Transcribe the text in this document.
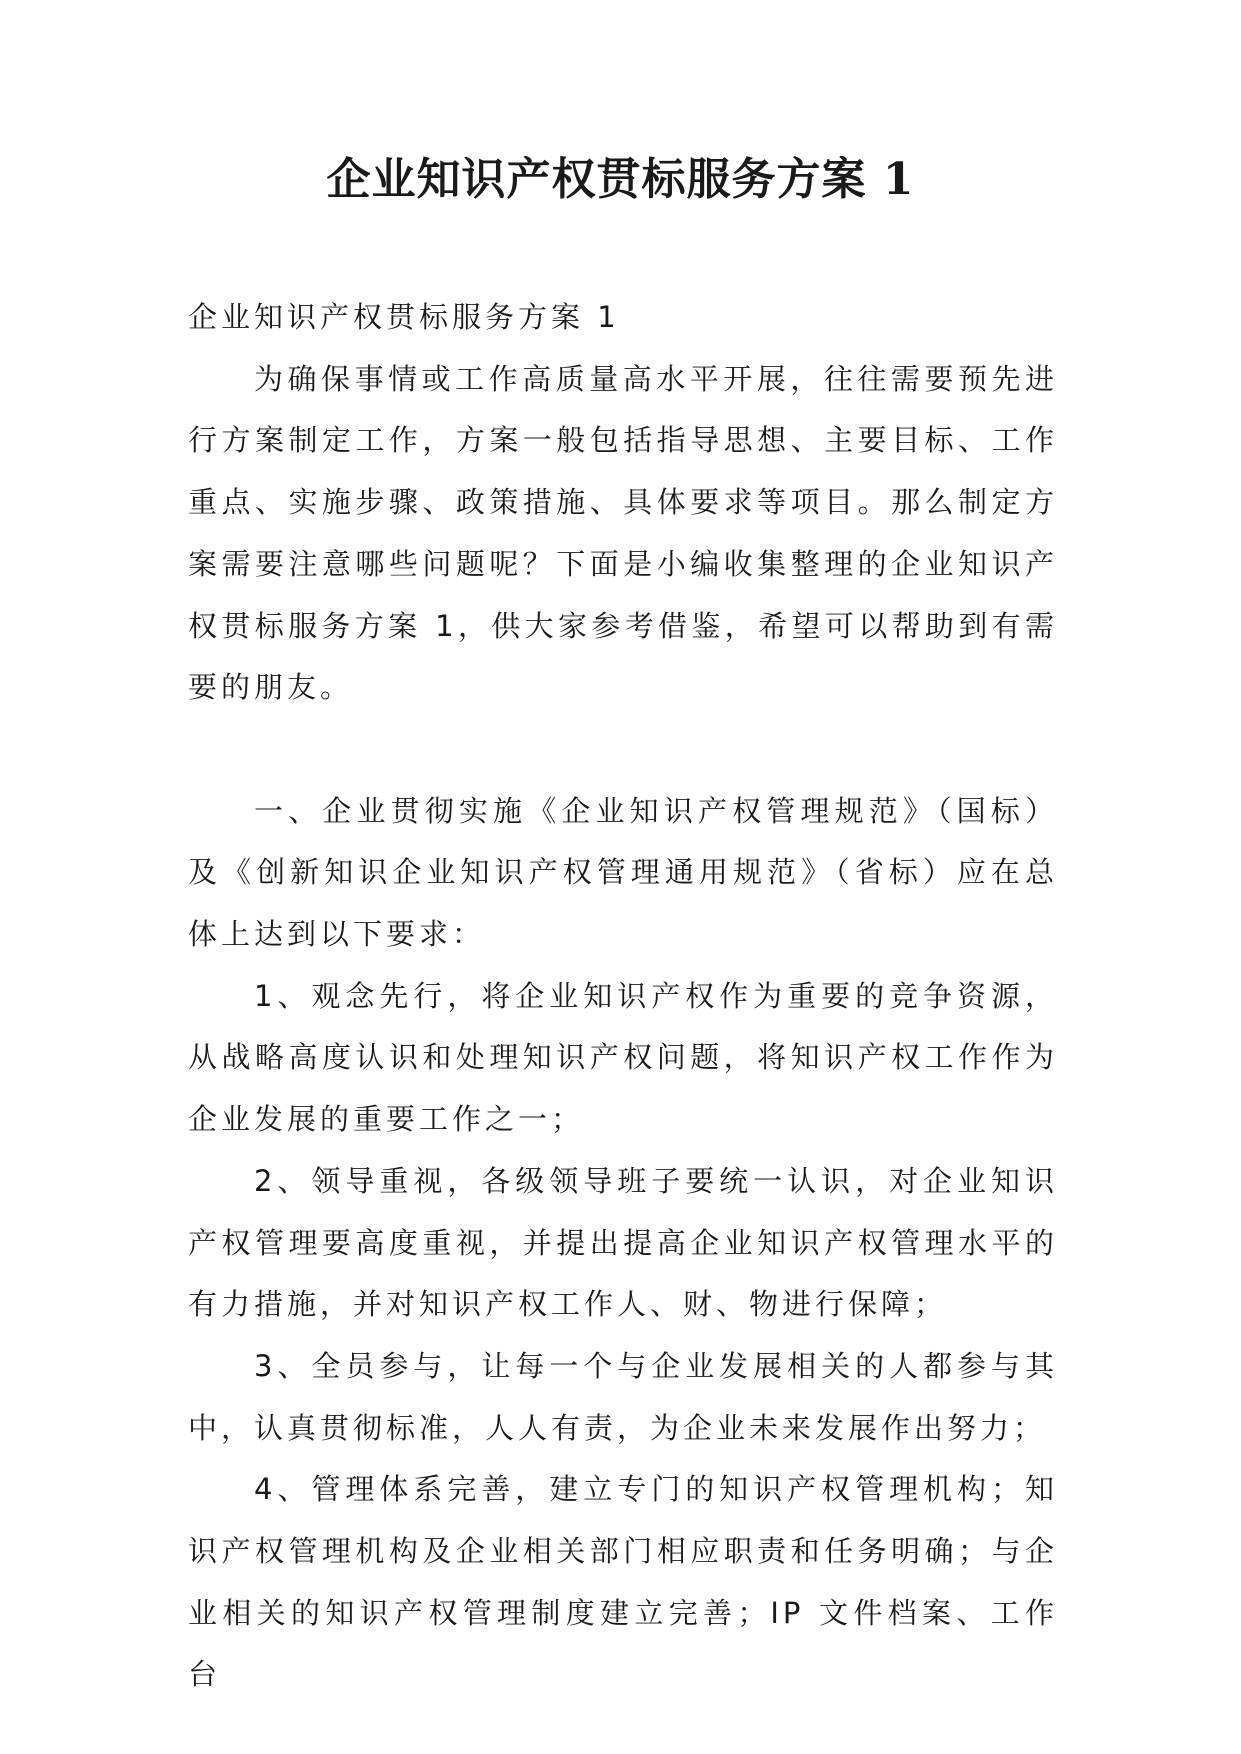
企业知识产权贯标服务方案 1

企业知识产权贯标服务方案 1

为确保事情或工作高质量高水平开展，往往需要预先进行方案制定工作，方案一般包括指导思想、主要目标、工作重点、实施步骤、政策措施、具体要求等项目。那么制定方案需要注意哪些问题呢？下面是小编收集整理的企业知识产权贯标服务方案 1，供大家参考借鉴，希望可以帮助到有需要的朋友。

一、企业贯彻实施《企业知识产权管理规范》（国标）及《创新知识企业知识产权管理通用规范》（省标）应在总体上达到以下要求：

1、观念先行，将企业知识产权作为重要的竞争资源，从战略高度认识和处理知识产权问题，将知识产权工作作为企业发展的重要工作之一；

2、领导重视，各级领导班子要统一认识，对企业知识产权管理要高度重视，并提出提高企业知识产权管理水平的有力措施，并对知识产权工作人、财、物进行保障；

3、全员参与，让每一个与企业发展相关的人都参与其中，认真贯彻标准，人人有责，为企业未来发展作出努力；

4、管理体系完善，建立专门的知识产权管理机构；知识产权管理机构及企业相关部门相应职责和任务明确；与企业相关的知识产权管理制度建立完善；IP 文件档案、工作台
